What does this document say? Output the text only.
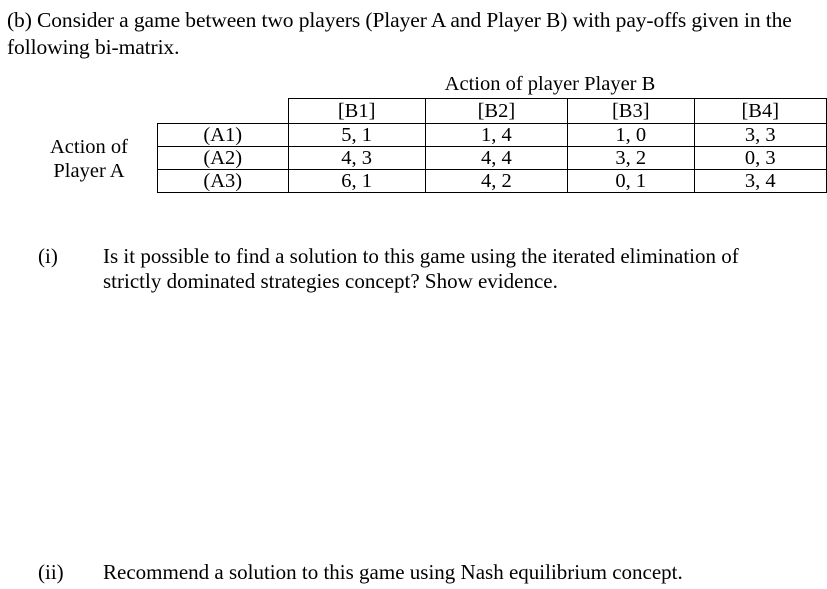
(b) Consider a game between two players (Player A and Player B) with pay-offs given in the following bi-matrix.
Action of player Player B
Action of Player A
	[B1]	[B2]	[B3]	[B4]
(A1)	5, 1	1, 4	1, 0	3, 3
(A2)	4, 3	4, 4	3, 2	0, 3
(A3)	6, 1	4, 2	0, 1	3, 4
(i) Is it possible to find a solution to this game using the iterated elimination of strictly dominated strategies concept? Show evidence.
(ii) Recommend a solution to this game using Nash equilibrium concept.
